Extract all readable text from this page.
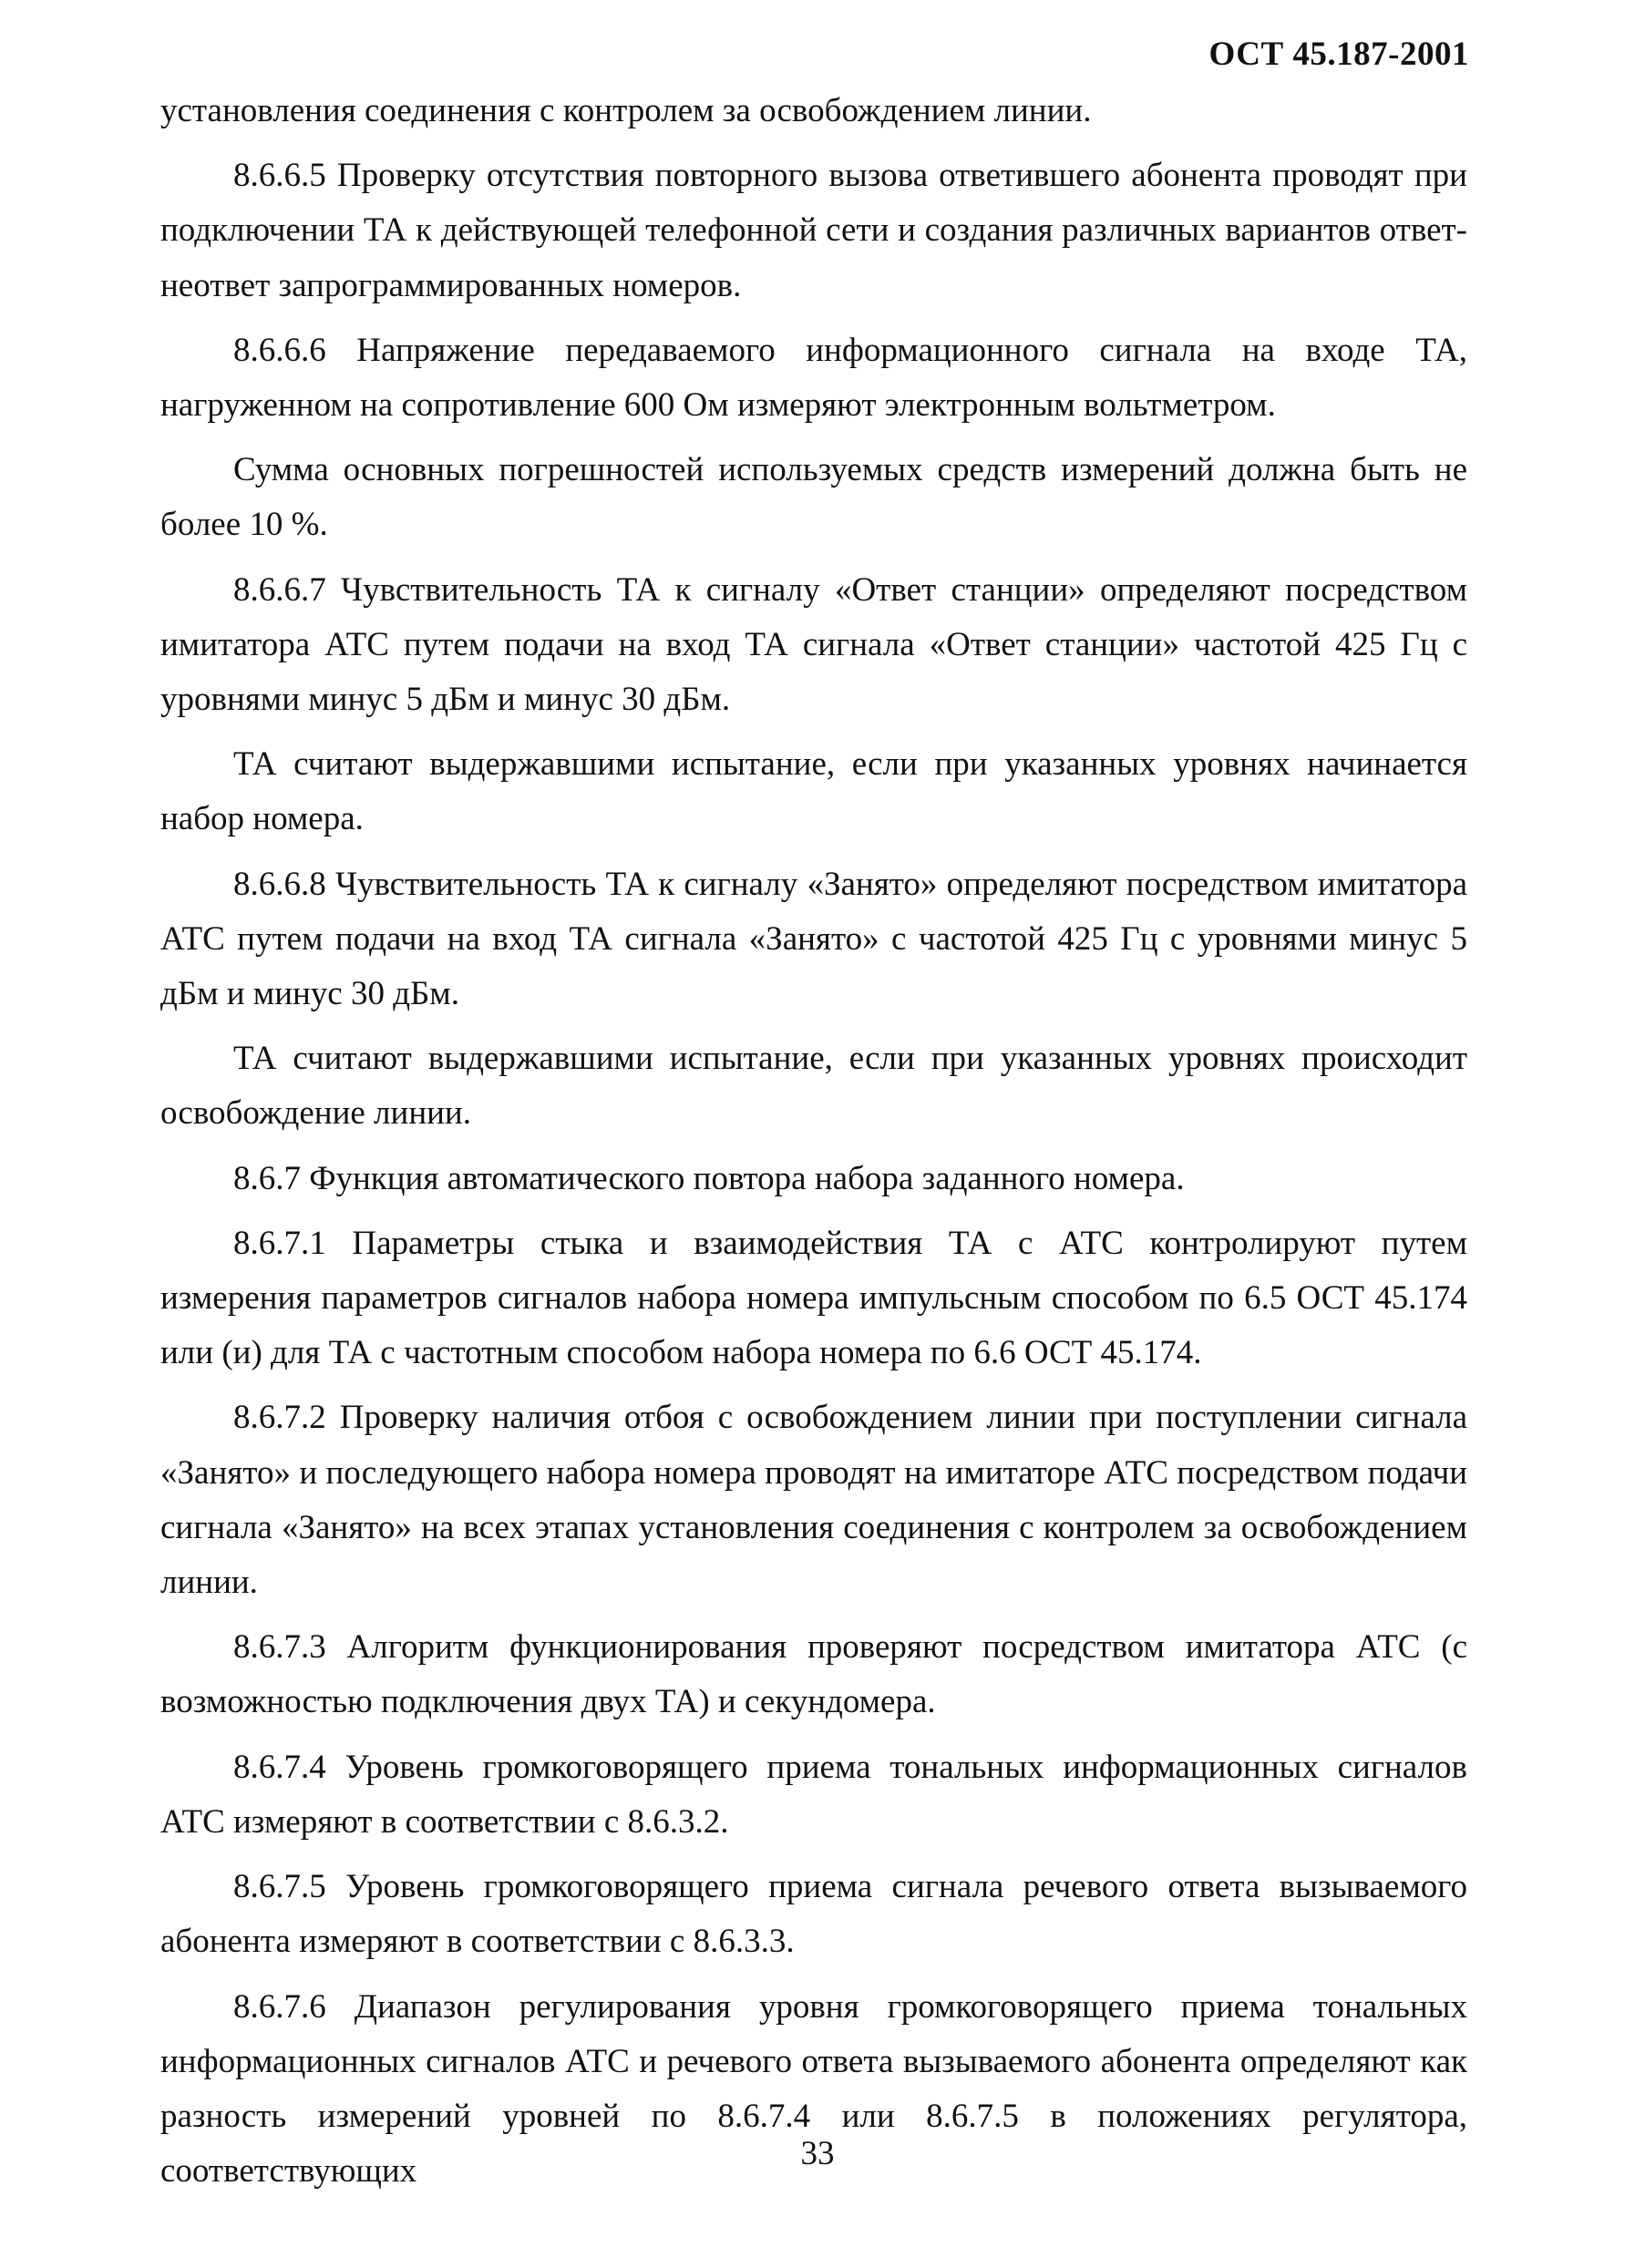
ОСТ 45.187-2001

установления соединения с контролем за освобождением линии.

8.6.6.5 Проверку отсутствия повторного вызова ответившего абонента проводят при подключении ТА к действующей телефонной сети и создания различных вариантов ответ-неответ запрограммированных номеров.

8.6.6.6 Напряжение передаваемого информационного сигнала на входе ТА, нагруженном на сопротивление 600 Ом измеряют электронным вольтметром.

Сумма основных погрешностей используемых средств измерений должна быть не более 10 %.

8.6.6.7 Чувствительность ТА к сигналу «Ответ станции» определяют посредством имитатора АТС путем подачи на вход ТА сигнала «Ответ станции» частотой 425 Гц с уровнями минус 5 дБм и минус 30 дБм.

ТА считают выдержавшими испытание, если при указанных уровнях начинается набор номера.

8.6.6.8 Чувствительность ТА к сигналу «Занято» определяют посредством имитатора АТС путем подачи на вход ТА сигнала «Занято» с частотой 425 Гц с уровнями минус 5 дБм и минус 30 дБм.

ТА считают выдержавшими испытание, если при указанных уровнях происходит освобождение линии.

8.6.7 Функция автоматического повтора набора заданного номера.

8.6.7.1 Параметры стыка и взаимодействия ТА с АТС контролируют путем измерения параметров сигналов набора номера импульсным способом по 6.5 ОСТ 45.174 или (и) для ТА с частотным способом набора номера по 6.6 ОСТ 45.174.

8.6.7.2 Проверку наличия отбоя с освобождением линии при поступлении сигнала «Занято» и последующего набора номера проводят на имитаторе АТС посредством подачи сигнала «Занято» на всех этапах установления соединения с контролем за освобождением линии.

8.6.7.3 Алгоритм функционирования проверяют посредством имитатора АТС (с возможностью подключения двух ТА) и секундомера.

8.6.7.4 Уровень громкоговорящего приема тональных информационных сигналов АТС измеряют в соответствии с 8.6.3.2.

8.6.7.5 Уровень громкоговорящего приема сигнала речевого ответа вызываемого абонента измеряют в соответствии с 8.6.3.3.

8.6.7.6 Диапазон регулирования уровня громкоговорящего приема тональных информационных сигналов АТС и речевого ответа вызываемого абонента определяют как разность измерений уровней по 8.6.7.4 или 8.6.7.5 в положениях регулятора, соответствующих	33
